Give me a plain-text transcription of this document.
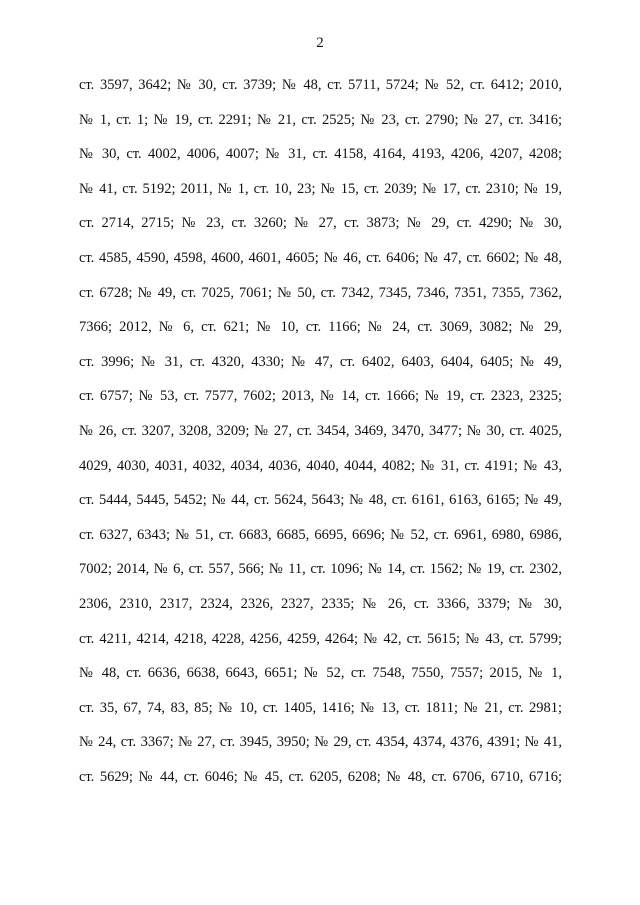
2
ст. 3597, 3642; № 30, ст. 3739; № 48, ст. 5711, 5724; № 52, ст. 6412; 2010,
№ 1, ст. 1; № 19, ст. 2291; № 21, ст. 2525; № 23, ст. 2790; № 27, ст. 3416;
№ 30, ст. 4002, 4006, 4007; № 31, ст. 4158, 4164, 4193, 4206, 4207, 4208;
№ 41, ст. 5192; 2011, № 1, ст. 10, 23; № 15, ст. 2039; № 17, ст. 2310; № 19,
ст. 2714, 2715; № 23, ст. 3260; № 27, ст. 3873; № 29, ст. 4290; № 30,
ст. 4585, 4590, 4598, 4600, 4601, 4605; № 46, ст. 6406; № 47, ст. 6602; № 48,
ст. 6728; № 49, ст. 7025, 7061; № 50, ст. 7342, 7345, 7346, 7351, 7355, 7362,
7366; 2012, № 6, ст. 621; № 10, ст. 1166; № 24, ст. 3069, 3082; № 29,
ст. 3996; № 31, ст. 4320, 4330; № 47, ст. 6402, 6403, 6404, 6405; № 49,
ст. 6757; № 53, ст. 7577, 7602; 2013, № 14, ст. 1666; № 19, ст. 2323, 2325;
№ 26, ст. 3207, 3208, 3209; № 27, ст. 3454, 3469, 3470, 3477; № 30, ст. 4025,
4029, 4030, 4031, 4032, 4034, 4036, 4040, 4044, 4082; № 31, ст. 4191; № 43,
ст. 5444, 5445, 5452; № 44, ст. 5624, 5643; № 48, ст. 6161, 6163, 6165; № 49,
ст. 6327, 6343; № 51, ст. 6683, 6685, 6695, 6696; № 52, ст. 6961, 6980, 6986,
7002; 2014, № 6, ст. 557, 566; № 11, ст. 1096; № 14, ст. 1562; № 19, ст. 2302,
2306, 2310, 2317, 2324, 2326, 2327, 2335; № 26, ст. 3366, 3379; № 30,
ст. 4211, 4214, 4218, 4228, 4256, 4259, 4264; № 42, ст. 5615; № 43, ст. 5799;
№ 48, ст. 6636, 6638, 6643, 6651; № 52, ст. 7548, 7550, 7557; 2015, № 1,
ст. 35, 67, 74, 83, 85; № 10, ст. 1405, 1416; № 13, ст. 1811; № 21, ст. 2981;
№ 24, ст. 3367; № 27, ст. 3945, 3950; № 29, ст. 4354, 4374, 4376, 4391; № 41,
ст. 5629; № 44, ст. 6046; № 45, ст. 6205, 6208; № 48, ст. 6706, 6710, 6716;
